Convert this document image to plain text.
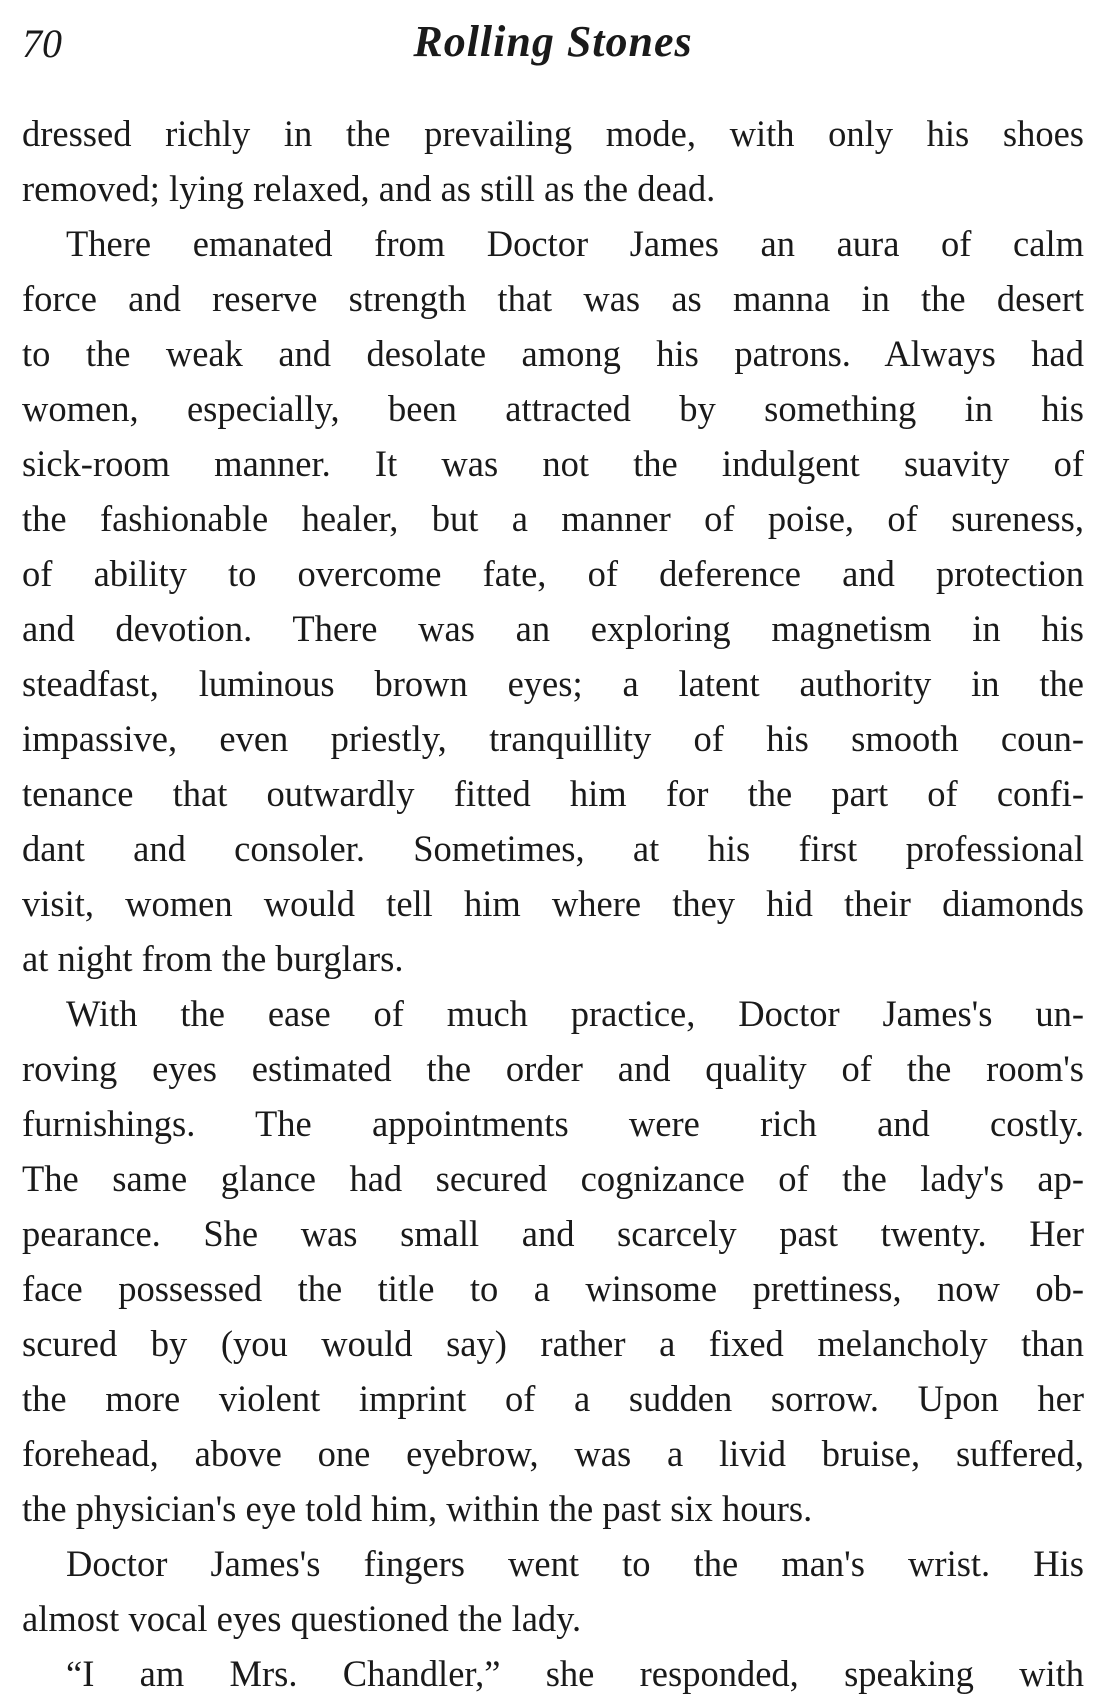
70	Rolling Stones
dressed richly in the prevailing mode, with only his shoes
removed; lying relaxed, and as still as the dead.
There emanated from Doctor James an aura of calm
force and reserve strength that was as manna in the desert
to the weak and desolate among his patrons. Always had
women, especially, been attracted by something in his
sick-room manner. It was not the indulgent suavity of
the fashionable healer, but a manner of poise, of sureness,
of ability to overcome fate, of deference and protection
and devotion. There was an exploring magnetism in his
steadfast, luminous brown eyes; a latent authority in the
impassive, even priestly, tranquillity of his smooth coun-
tenance that outwardly fitted him for the part of confi-
dant and consoler. Sometimes, at his first professional
visit, women would tell him where they hid their diamonds
at night from the burglars.
With the ease of much practice, Doctor James's un-
roving eyes estimated the order and quality of the room's
furnishings. The appointments were rich and costly.
The same glance had secured cognizance of the lady's ap-
pearance. She was small and scarcely past twenty. Her
face possessed the title to a winsome prettiness, now ob-
scured by (you would say) rather a fixed melancholy than
the more violent imprint of a sudden sorrow. Upon her
forehead, above one eyebrow, was a livid bruise, suffered,
the physician's eye told him, within the past six hours.
Doctor James's fingers went to the man's wrist. His
almost vocal eyes questioned the lady.
“I am Mrs. Chandler,” she responded, speaking with
